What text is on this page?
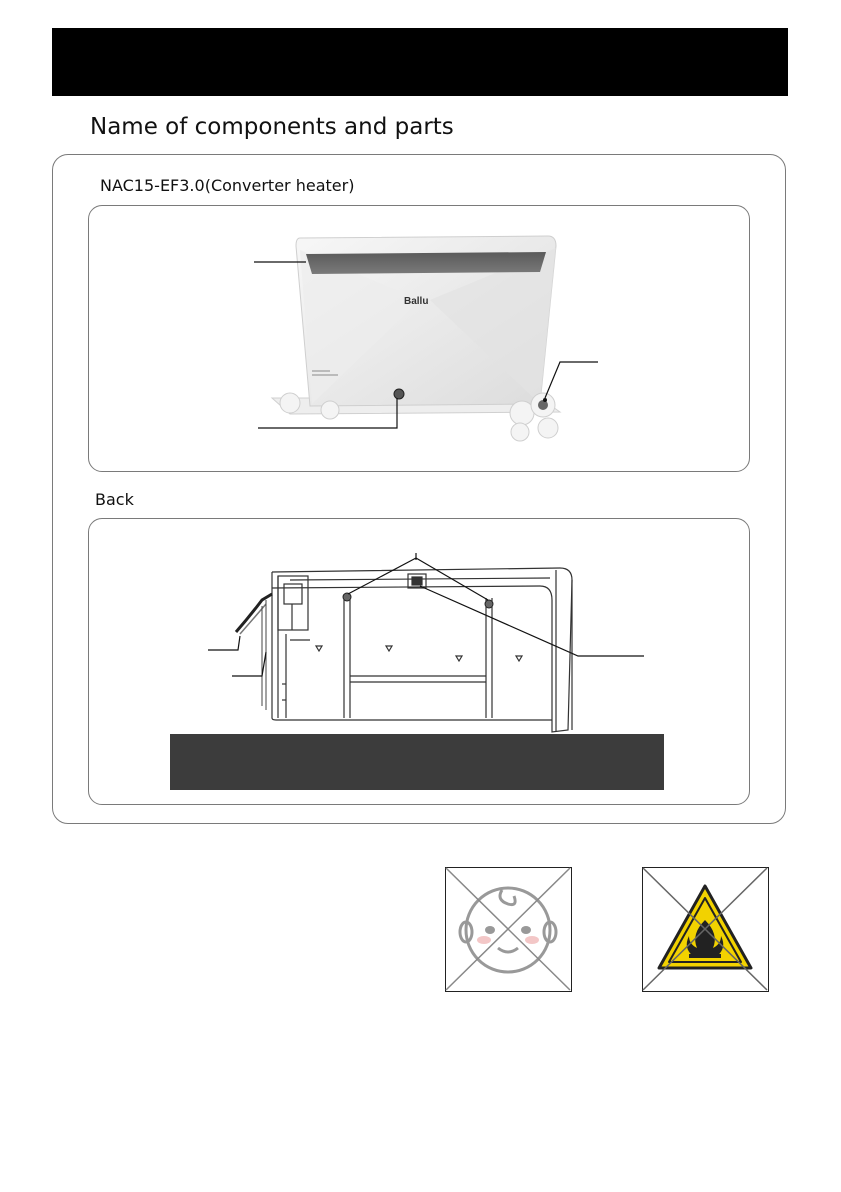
Name of components and parts
NAC15-EF3.0(Converter heater)
Ballu
Back
